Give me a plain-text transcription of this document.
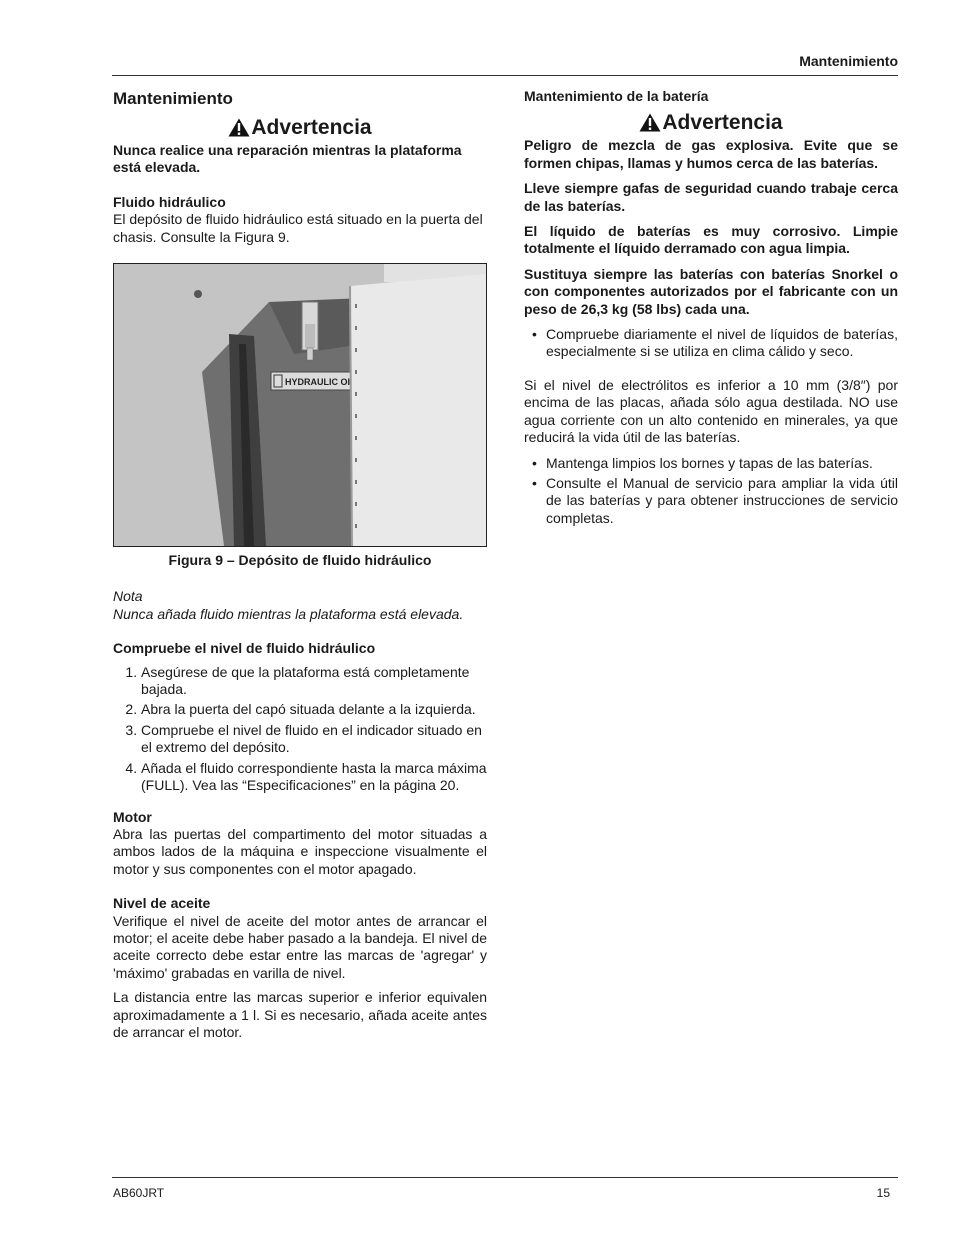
Mantenimiento
Mantenimiento
Advertencia

Nunca realice una reparación mientras la plataforma está elevada.

Fluido hidráulico

El depósito de fluido hidráulico está situado en la puerta del chasis. Consulte la Figura 9.

HYDRAULIC OI
Figura 9 – Depósito de fluido hidráulico

Nota

Nunca añada fluido mientras la plataforma está elevada.

Compruebe el nivel de fluido hidráulico

1. Asegúrese de que la plataforma está completamente bajada.
2. Abra la puerta del capó situada delante a la izquierda.
3. Compruebe el nivel de fluido en el indicador situado en el extremo del depósito.
4. Añada el fluido correspondiente hasta la marca máxima (FULL). Vea las “Especificaciones” en la página 20.

Motor

Abra las puertas del compartimento del motor situadas a ambos lados de la máquina e inspeccione visualmente el motor y sus componentes con el motor apagado.

Nivel de aceite

Verifique el nivel de aceite del motor antes de arrancar el motor; el aceite debe haber pasado a la bandeja. El nivel de aceite correcto debe estar entre las marcas de 'agregar' y 'máximo' grabadas en varilla de nivel.

La distancia entre las marcas superior e inferior equivalen aproximadamente a 1 l. Si es necesario, añada aceite antes de arrancar el motor.

Mantenimiento de la batería

Advertencia

Peligro de mezcla de gas explosiva. Evite que se formen chipas, llamas y humos cerca de las baterías.

Lleve siempre gafas de seguridad cuando trabaje cerca de las baterías.

El líquido de baterías es muy corrosivo. Limpie totalmente el líquido derramado con agua limpia.

Sustituya siempre las baterías con baterías Snorkel o con componentes autorizados por el fabricante con un peso de 26,3 kg (58 lbs) cada una.

• Compruebe diariamente el nivel de líquidos de baterías, especialmente si se utiliza en clima cálido y seco.

Si el nivel de electrólitos es inferior a 10 mm (3/8″) por encima de las placas, añada sólo agua destilada. NO use agua corriente con un alto contenido en minerales, ya que reducirá la vida útil de las baterías.

• Mantenga limpios los bornes y tapas de las baterías.
• Consulte el Manual de servicio para ampliar la vida útil de las baterías y para obtener instrucciones de servicio completas.
AB60JRT	15
